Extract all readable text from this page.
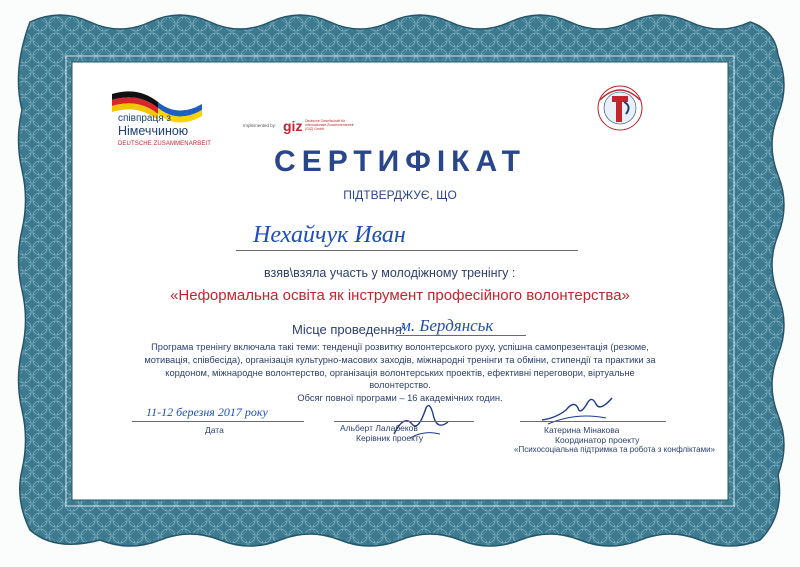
співпраця з
Німеччиною
DEUTSCHE ZUSAMMENARBEIT
Implemented by: giz Deutsche Gesellschaft für Internationale Zusammenarbeit (GIZ) GmbH
СЕРТИФІКАТ
ПІДТВЕРДЖУЄ, ЩО
Нехайчук Иван
взяв\взяла участь у молодіжному тренінгу :
«Неформальна освіта як інструмент професійного волонтерства»
Місце проведення:
м. Бердянськ
Програма тренінгу включала такі теми: тенденції розвитку волонтерського руху, успішна самопрезентація (резюме, мотивація, співбесіда), організація культурно-масових заходів, міжнародні тренінги та обміни, стипендії та практики за кордоном, міжнародне волонтерство, організація волонтерських проектів, ефективні переговори, віртуальне волонтерство.
Обсяг повної програми – 16 академічних годин.
11-12 березня 2017 року
Дата	Альберт Лалабеков
Керівник проекту
Катерина Мінакова
Координатор проекту
«Психосоціальна підтримка та робота з конфліктами»
